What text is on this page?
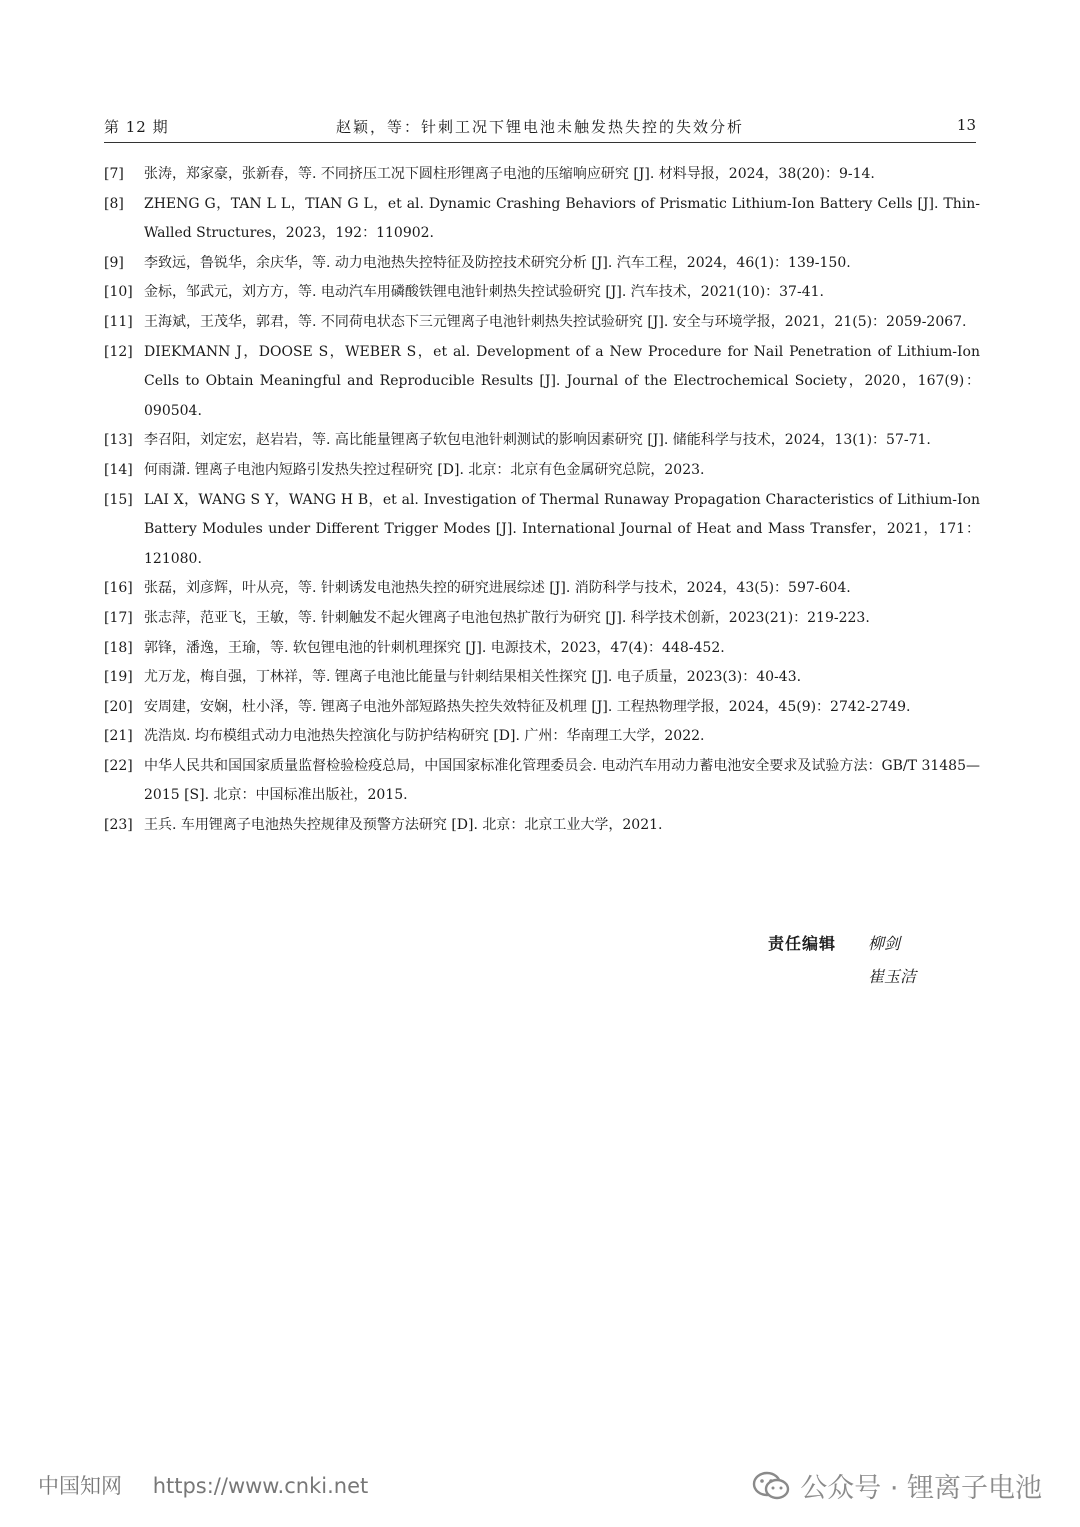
第 12 期	赵颖，等：针刺工况下锂电池未触发热失控的失效分析	13
[7]	张涛，郑家豪，张新春，等. 不同挤压工况下圆柱形锂离子电池的压缩响应研究 [J]. 材料导报，2024，38(20)：9-14.
[8]	ZHENG G，TAN L L，TIAN G L，et al. Dynamic Crashing Behaviors of Prismatic Lithium-Ion Battery Cells [J]. Thin-Walled Structures，2023，192：110902.
[9]	李致远，鲁锐华，余庆华，等. 动力电池热失控特征及防控技术研究分析 [J]. 汽车工程，2024，46(1)：139-150.
[10] 金标，邹武元，刘方方，等. 电动汽车用磷酸铁锂电池针刺热失控试验研究 [J]. 汽车技术，2021(10)：37-41.
[11] 王海斌，王茂华，郭君，等. 不同荷电状态下三元锂离子电池针刺热失控试验研究 [J]. 安全与环境学报，2021，21(5)：2059-2067.
[12] DIEKMANN J，DOOSE S，WEBER S，et al. Development of a New Procedure for Nail Penetration of Lithium-Ion Cells to Obtain Meaningful and Reproducible Results [J]. Journal of the Electrochemical Society，2020，167(9)：090504.
[13] 李召阳，刘定宏，赵岩岩，等. 高比能量锂离子软包电池针刺测试的影响因素研究 [J]. 储能科学与技术，2024，13(1)：57-71.
[14] 何雨潇. 锂离子电池内短路引发热失控过程研究 [D]. 北京：北京有色金属研究总院，2023.
[15] LAI X，WANG S Y，WANG H B，et al. Investigation of Thermal Runaway Propagation Characteristics of Lithium-Ion Battery Modules under Different Trigger Modes [J]. International Journal of Heat and Mass Transfer，2021，171：121080.
[16] 张磊，刘彦辉，叶从亮，等. 针刺诱发电池热失控的研究进展综述 [J]. 消防科学与技术，2024，43(5)：597-604.
[17] 张志萍，范亚飞，王敏，等. 针刺触发不起火锂离子电池包热扩散行为研究 [J]. 科学技术创新，2023(21)：219-223.
[18] 郭锋，潘逸，王瑜，等. 软包锂电池的针刺机理探究 [J]. 电源技术，2023，47(4)：448-452.
[19] 尤万龙，梅自强，丁林祥，等. 锂离子电池比能量与针刺结果相关性探究 [J]. 电子质量，2023(3)：40-43.
[20] 安周建，安娴，杜小泽，等. 锂离子电池外部短路热失控失效特征及机理 [J]. 工程热物理学报，2024，45(9)：2742-2749.
[21] 冼浩岚. 均布模组式动力电池热失控演化与防护结构研究 [D]. 广州：华南理工大学，2022.
[22] 中华人民共和国国家质量监督检验检疫总局，中国国家标准化管理委员会. 电动汽车用动力蓄电池安全要求及试验方法：GB/T 31485—2015 [S]. 北京：中国标准出版社，2015.
[23] 王兵. 车用锂离子电池热失控规律及预警方法研究 [D]. 北京：北京工业大学，2021.
责任编辑 柳剑
崔玉洁
中国知网 https://www.cnki.net	公众号 · 锂离子电池
